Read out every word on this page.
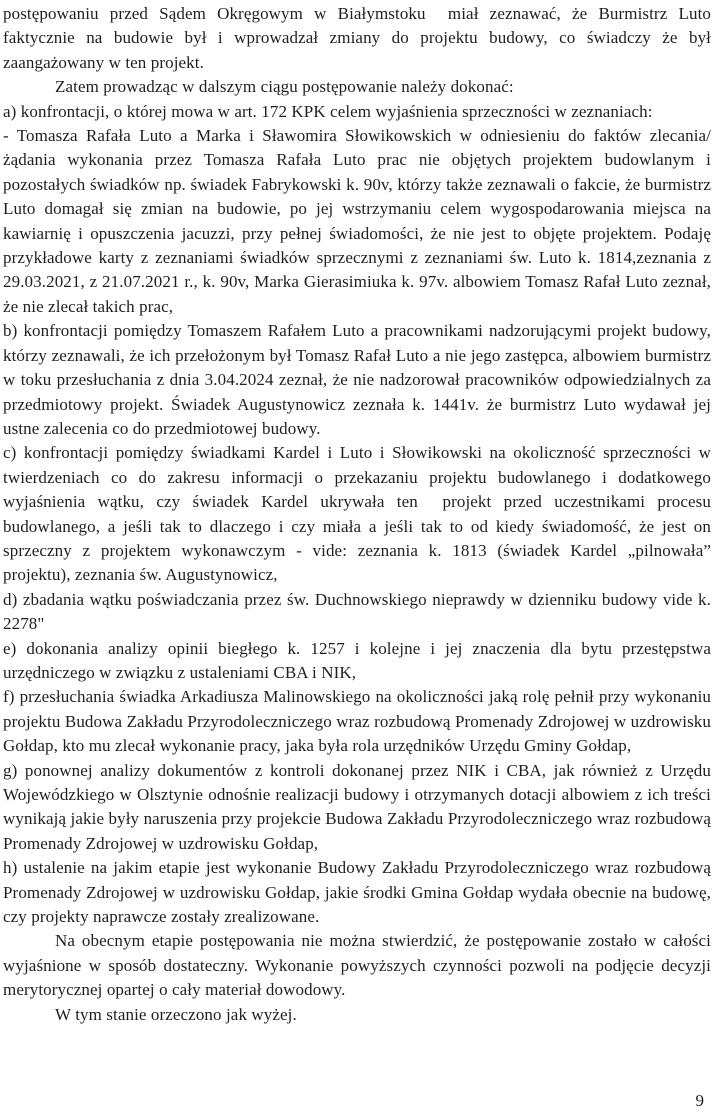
postępowaniu przed Sądem Okręgowym w Białymstoku  miał zeznawać, że Burmistrz Luto faktycznie na budowie był i wprowadzał zmiany do projektu budowy, co świadczy że był zaangażowany w ten projekt.

Zatem prowadząc w dalszym ciągu postępowanie należy dokonać:

a) konfrontacji, o której mowa w art. 172 KPK celem wyjaśnienia sprzeczności w zeznaniach:

- Tomasza Rafała Luto a Marka i Sławomira Słowikowskich w odniesieniu do faktów zlecania/żądania wykonania przez Tomasza Rafała Luto prac nie objętych projektem budowlanym i pozostałych świadków np. świadek Fabrykowski k. 90v, którzy także zeznawali o fakcie, że burmistrz Luto domagał się zmian na budowie, po jej wstrzymaniu celem wygospodarowania miejsca na kawiarnię i opuszczenia jacuzzi, przy pełnej świadomości, że nie jest to objęte projektem. Podaję przykładowe karty z zeznaniami świadków sprzecznymi z zeznaniami św. Luto k. 1814,zeznania z 29.03.2021, z 21.07.2021 r., k. 90v, Marka Gierasimiuka k. 97v. albowiem Tomasz Rafał Luto zeznał, że nie zlecał takich prac,

b) konfrontacji pomiędzy Tomaszem Rafałem Luto a pracownikami nadzorującymi projekt budowy, którzy zeznawali, że ich przełożonym był Tomasz Rafał Luto a nie jego zastępca, albowiem burmistrz w toku przesłuchania z dnia 3.04.2024 zeznał, że nie nadzorował pracowników odpowiedzialnych za przedmiotowy projekt. Świadek Augustynowicz zeznała k. 1441v. że burmistrz Luto wydawał jej ustne zalecenia co do przedmiotowej budowy.

c) konfrontacji pomiędzy świadkami Kardel i Luto i Słowikowski na okoliczność sprzeczności w twierdzeniach co do zakresu informacji o przekazaniu projektu budowlanego i dodatkowego wyjaśnienia wątku, czy świadek Kardel ukrywała ten  projekt przed uczestnikami procesu budowlanego, a jeśli tak to dlaczego i czy miała a jeśli tak to od kiedy świadomość, że jest on sprzeczny z projektem wykonawczym - vide: zeznania k. 1813 (świadek Kardel „pilnowała” projektu), zeznania św. Augustynowicz,

d) zbadania wątku poświadczania przez św. Duchnowskiego nieprawdy w dzienniku budowy vide k. 2278"

e) dokonania analizy opinii biegłego k. 1257 i kolejne i jej znaczenia dla bytu przestępstwa urzędniczego w związku z ustaleniami CBA i NIK,

f) przesłuchania świadka Arkadiusza Malinowskiego na okoliczności jaką rolę pełnił przy wykonaniu projektu Budowa Zakładu Przyrodoleczniczego wraz rozbudową Promenady Zdrojowej w uzdrowisku Gołdap, kto mu zlecał wykonanie pracy, jaka była rola urzędników Urzędu Gminy Gołdap,

g) ponownej analizy dokumentów z kontroli dokonanej przez NIK i CBA, jak również z Urzędu Wojewódzkiego w Olsztynie odnośnie realizacji budowy i otrzymanych dotacji albowiem z ich treści wynikają jakie były naruszenia przy projekcie Budowa Zakładu Przyrodoleczniczego wraz rozbudową Promenady Zdrojowej w uzdrowisku Gołdap,

h) ustalenie na jakim etapie jest wykonanie Budowy Zakładu Przyrodoleczniczego wraz rozbudową Promenady Zdrojowej w uzdrowisku Gołdap, jakie środki Gmina Gołdap wydała obecnie na budowę, czy projekty naprawcze zostały zrealizowane.

Na obecnym etapie postępowania nie można stwierdzić, że postępowanie zostało w całości wyjaśnione w sposób dostateczny. Wykonanie powyższych czynności pozwoli na podjęcie decyzji merytorycznej opartej o cały materiał dowodowy.

W tym stanie orzeczono jak wyżej.

9
